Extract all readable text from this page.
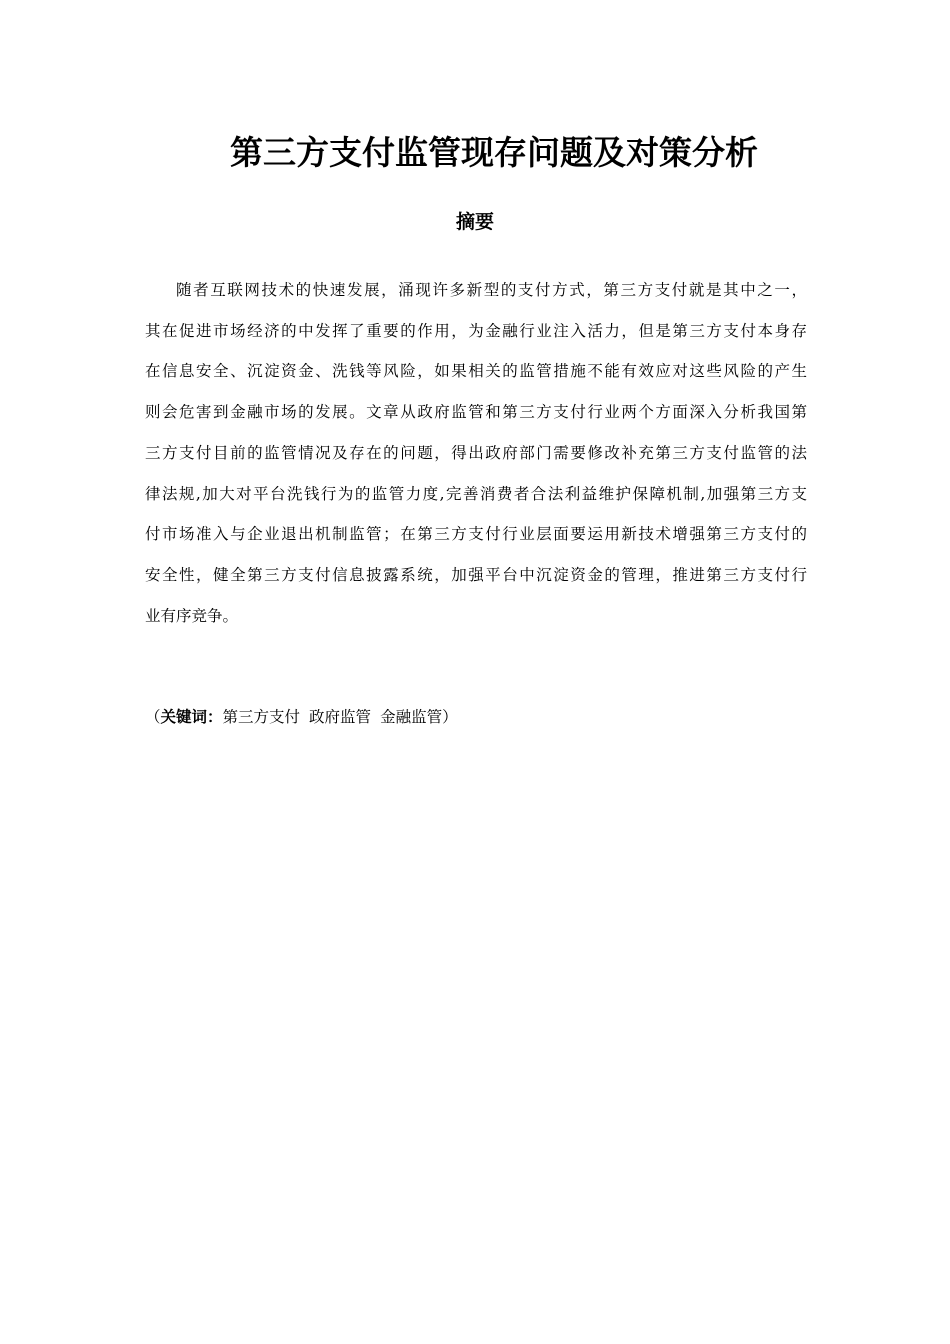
第三方支付监管现存问题及对策分析
摘要
随者互联网技术的快速发展，涌现许多新型的支付方式，第三方支付就是其中之一，
其在促进市场经济的中发挥了重要的作用，为金融行业注入活力，但是第三方支付本身存
在信息安全、沉淀资金、洗钱等风险，如果相关的监管措施不能有效应对这些风险的产生
则会危害到金融市场的发展。文章从政府监管和第三方支付行业两个方面深入分析我国第
三方支付目前的监管情况及存在的问题，得出政府部门需要修改补充第三方支付监管的法
律法规,加大对平台洗钱行为的监管力度,完善消费者合法利益维护保障机制,加强第三方支
付市场准入与企业退出机制监管；在第三方支付行业层面要运用新技术增强第三方支付的
安全性，健全第三方支付信息披露系统，加强平台中沉淀资金的管理，推进第三方支付行
业有序竞争。
（关键词：第三方支付 政府监管 金融监管）
